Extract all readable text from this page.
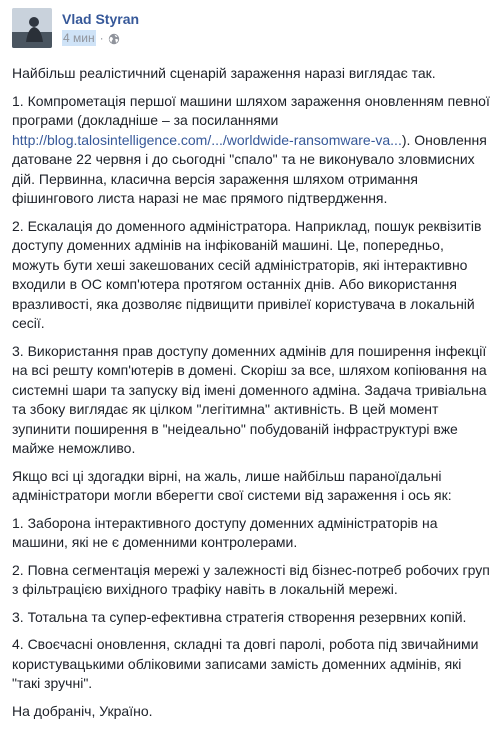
Vlad Styran
4 мин ·

Найбільш реалістичний сценарій зараження наразі виглядає так.

1. Компрометація першої машини шляхом зараження оновленням певної програми (докладніше – за посиланнями http://blog.talosintelligence.com/.../worldwide-ransomware-va...). Оновлення датоване 22 червня і до сьогодні "спало" та не виконувало зловмисних дій. Первинна, класична версія зараження шляхом отримання фішингового листа наразі не має прямого підтвердження.

2. Ескалація до доменного адміністратора. Наприклад, пошук реквізитів доступу доменних адмінів на інфікованій машині. Це, попередньо, можуть бути хеші закешованих сесій адміністраторів, які інтерактивно входили в ОС комп'ютера протягом останніх днів. Або використання вразливості, яка дозволяє підвищити привілеї користувача в локальній сесії.

3. Використання прав доступу доменних адмінів для поширення інфекції на всі решту комп'ютерів в домені. Скоріш за все, шляхом копіювання на системні шари та запуску від імені доменного адміна. Задача тривіальна та збоку виглядає як цілком "легітимна" активність. В цей момент зупинити поширення в "неідеально" побудованій інфраструктурі вже майже неможливо.

Якщо всі ці здогадки вірні, на жаль, лише найбільш параноїдальні адміністратори могли вберегти свої системи від зараження і ось як:

1. Заборона інтерактивного доступу доменних адміністраторів на машини, які не є доменними контролерами.

2. Повна сегментація мережі у залежності від бізнес-потреб робочих груп з фільтрацією вихідного трафіку навіть в локальній мережі.

3. Тотальна та супер-ефективна стратегія створення резервних копій.

4. Своєчасні оновлення, складні та довгі паролі, робота під звичайними користувацькими обліковими записами замість доменних адмінів, які "такі зручні".

На добраніч, Україно.
